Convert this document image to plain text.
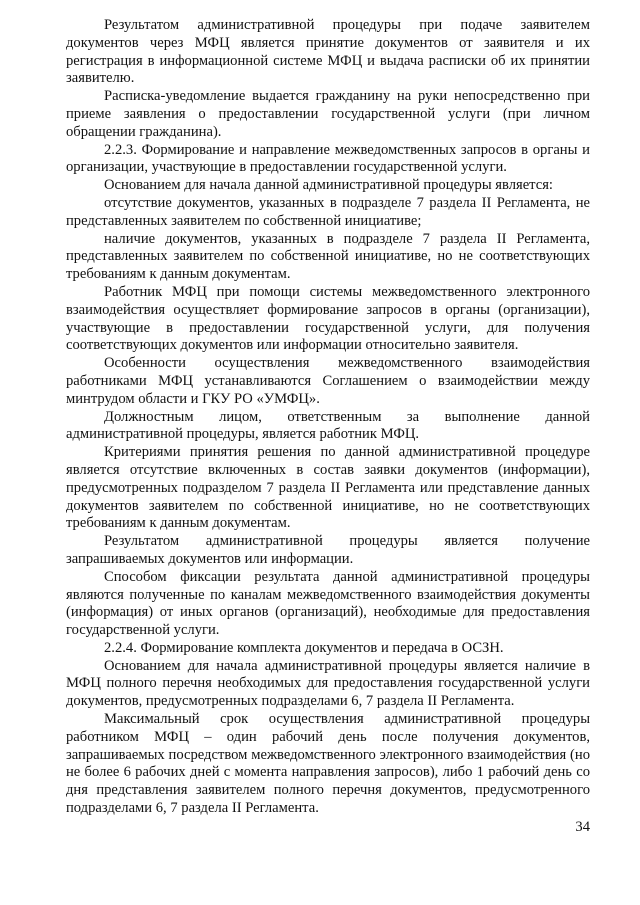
Результатом административной процедуры при подаче заявителем документов через МФЦ является принятие документов от заявителя и их регистрация в информационной системе МФЦ и выдача расписки об их принятии заявителю.

Расписка-уведомление выдается гражданину на руки непосредственно при приеме заявления о предоставлении государственной услуги (при личном обращении гражданина).

2.2.3. Формирование и направление межведомственных запросов в органы и организации, участвующие в предоставлении государственной услуги.

Основанием для начала данной административной процедуры является:

отсутствие документов, указанных в подразделе 7 раздела II Регламента, не представленных заявителем по собственной инициативе;

наличие документов, указанных в подразделе 7 раздела II Регламента, представленных заявителем по собственной инициативе, но не соответствующих требованиям к данным документам.

Работник МФЦ при помощи системы межведомственного электронного взаимодействия осуществляет формирование запросов в органы (организации), участвующие в предоставлении государственной услуги, для получения соответствующих документов или информации относительно заявителя.

Особенности осуществления межведомственного взаимодействия работниками МФЦ устанавливаются Соглашением о взаимодействии между минтрудом области и ГКУ РО «УМФЦ».

Должностным лицом, ответственным за выполнение данной административной процедуры, является работник МФЦ.

Критериями принятия решения по данной административной процедуре является отсутствие включенных в состав заявки документов (информации), предусмотренных подразделом 7 раздела II Регламента или представление данных документов заявителем по собственной инициативе, но не соответствующих требованиям к данным документам.

Результатом административной процедуры является получение запрашиваемых документов или информации.

Способом фиксации результата данной административной процедуры являются полученные по каналам межведомственного взаимодействия документы (информация) от иных органов (организаций), необходимые для предоставления государственной услуги.

2.2.4. Формирование комплекта документов и передача в ОСЗН.

Основанием для начала административной процедуры является наличие в МФЦ полного перечня необходимых для предоставления государственной услуги документов, предусмотренных подразделами 6, 7 раздела II Регламента.

Максимальный срок осуществления административной процедуры работником МФЦ – один рабочий день после получения документов, запрашиваемых посредством межведомственного электронного взаимодействия (но не более 6 рабочих дней с момента направления запросов), либо 1 рабочий день со дня представления заявителем полного перечня документов, предусмотренного подразделами 6, 7 раздела II Регламента.

34
